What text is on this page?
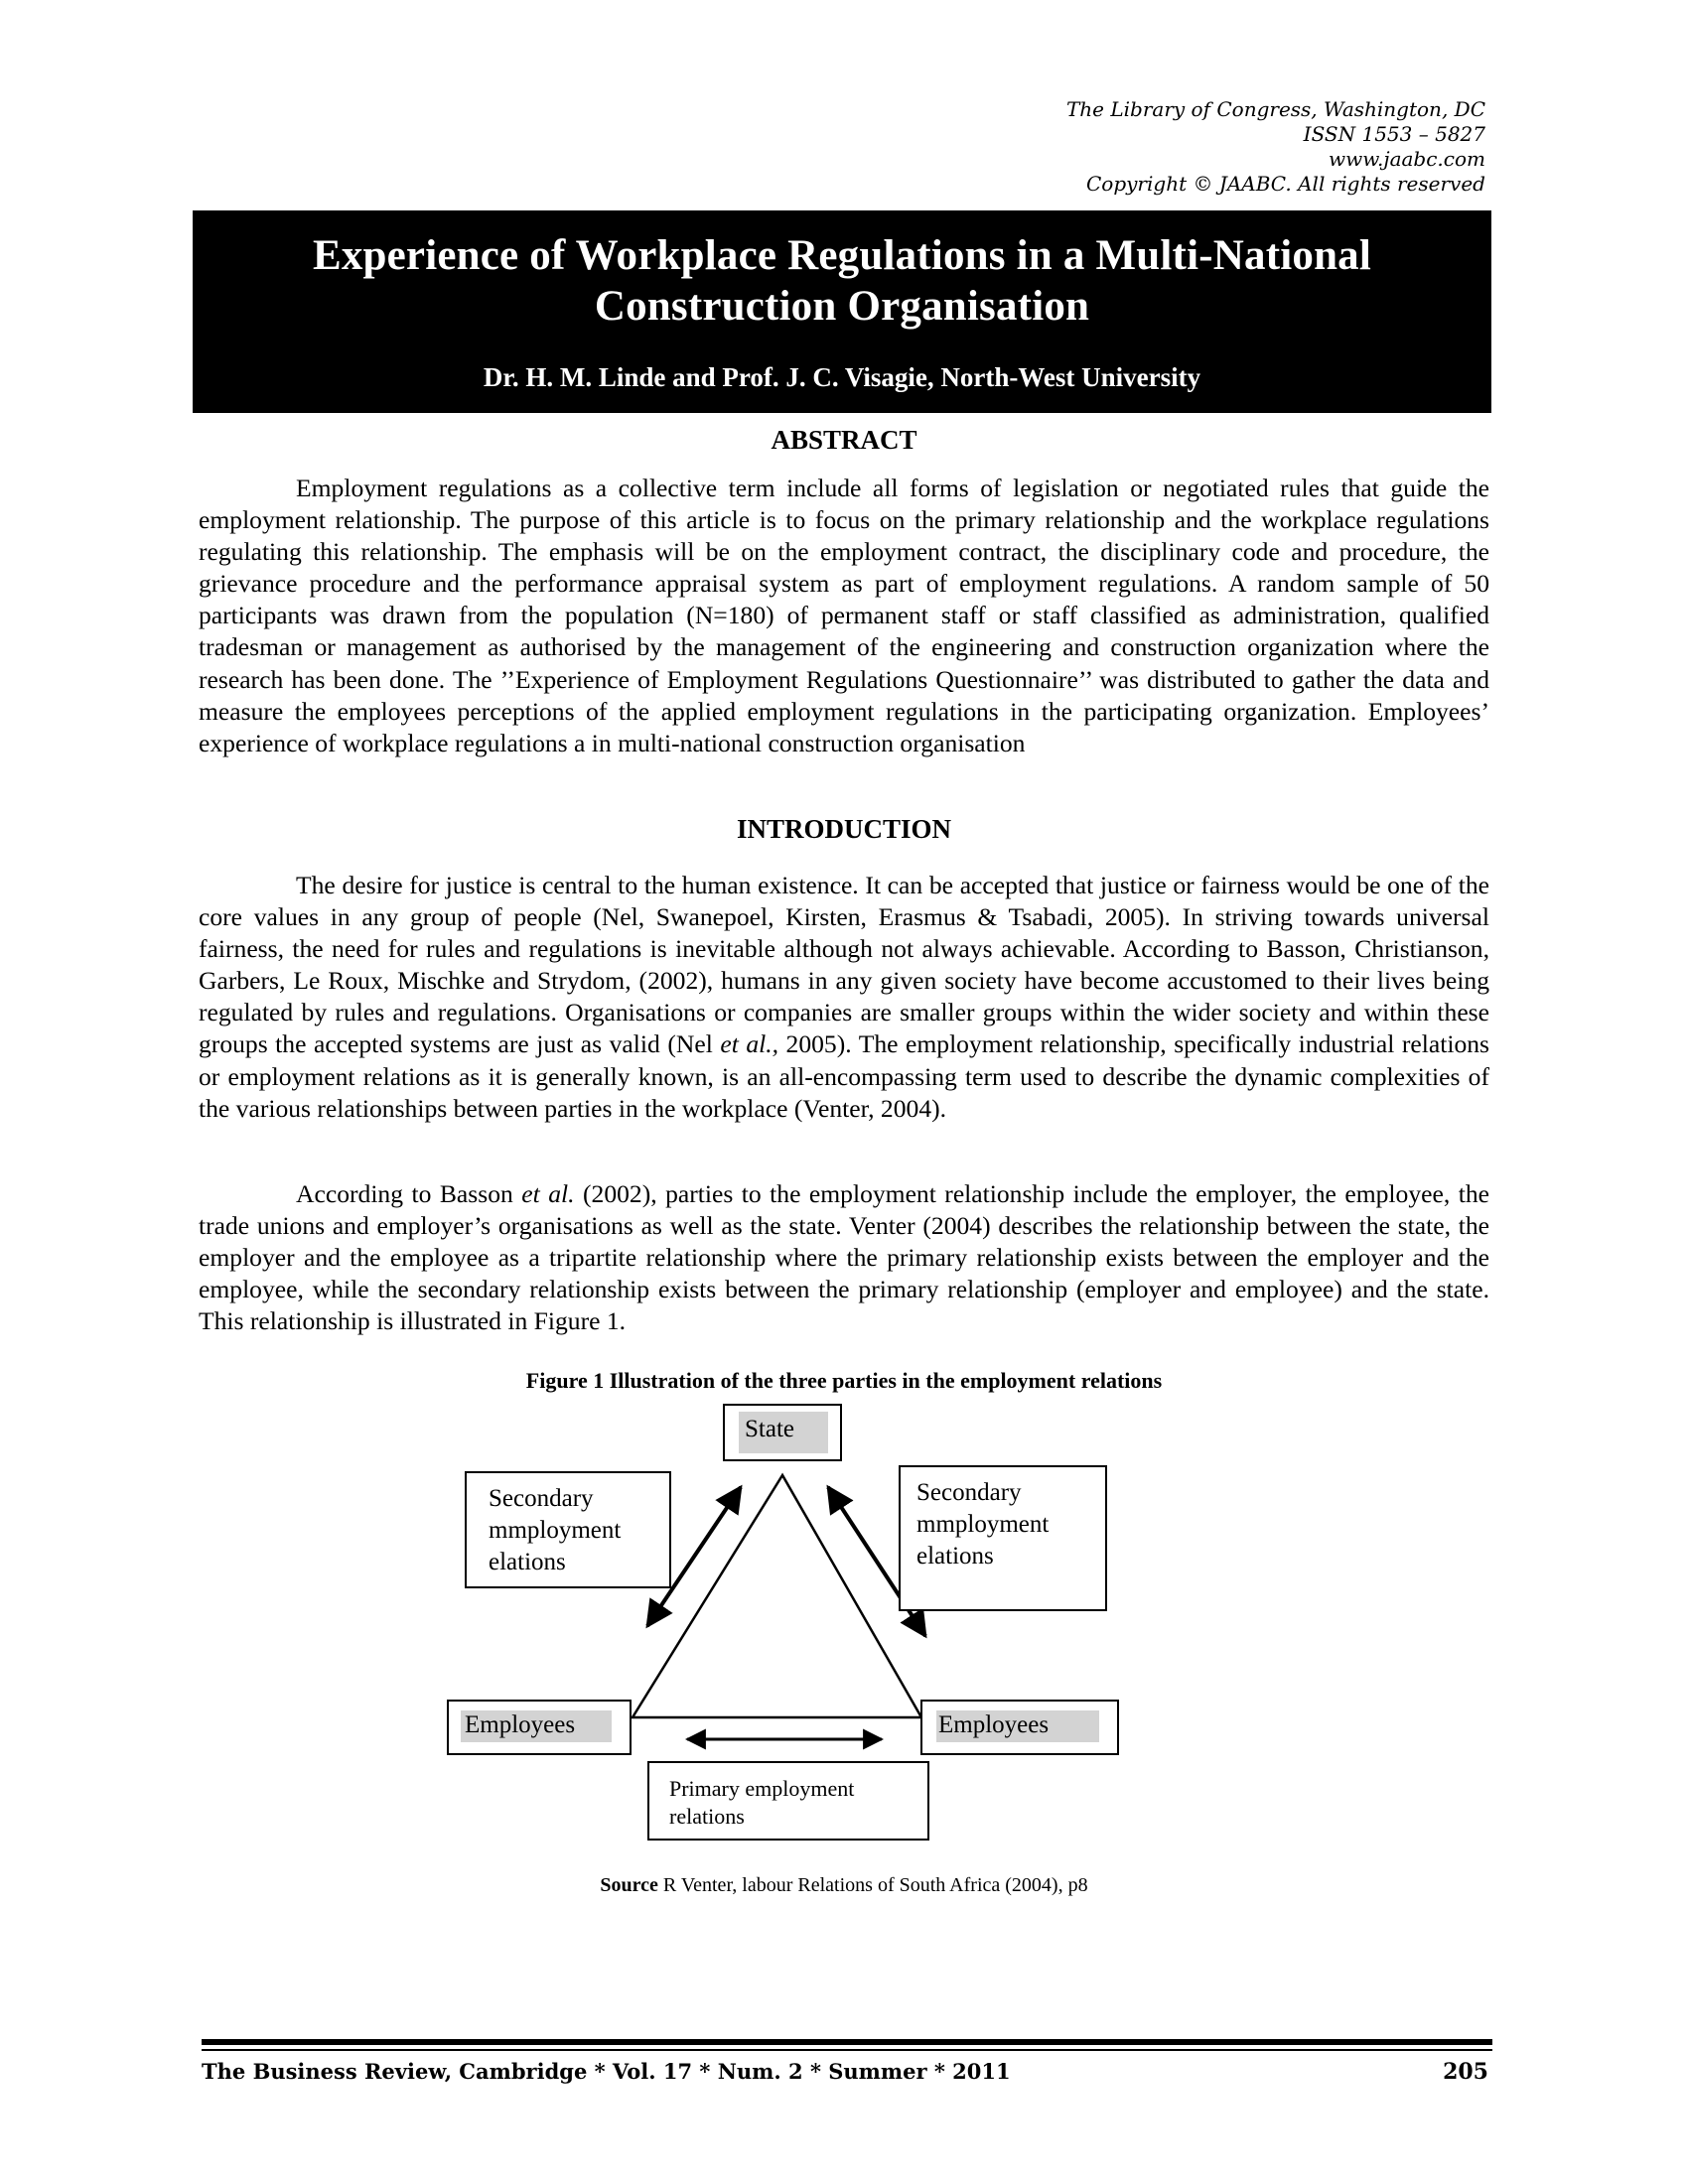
The Library of Congress, Washington, DC
ISSN 1553 – 5827
www.jaabc.com
Copyright © JAABC. All rights reserved
Experience of Workplace Regulations in a Multi-National
Construction Organisation
Dr. H. M. Linde and Prof. J. C. Visagie, North-West University
ABSTRACT
Employment regulations as a collective term include all forms of legislation or negotiated rules that guide the employment relationship. The purpose of this article is to focus on the primary relationship and the workplace regulations regulating this relationship. The emphasis will be on the employment contract, the disciplinary code and procedure, the grievance procedure and the performance appraisal system as part of employment regulations. A random sample of 50 participants was drawn from the population (N=180) of permanent staff or staff classified as administration, qualified tradesman or management as authorised by the management of the engineering and construction organization where the research has been done. The ’’Experience of Employment Regulations Questionnaire’’ was distributed to gather the data and measure the employees perceptions of the applied employment regulations in the participating organization. Employees’ experience of workplace regulations a in multi-national construction organisation
INTRODUCTION
The desire for justice is central to the human existence. It can be accepted that justice or fairness would be one of the core values in any group of people (Nel, Swanepoel, Kirsten, Erasmus & Tsabadi, 2005). In striving towards universal fairness, the need for rules and regulations is inevitable although not always achievable. According to Basson, Christianson, Garbers, Le Roux, Mischke and Strydom, (2002), humans in any given society have become accustomed to their lives being regulated by rules and regulations. Organisations or companies are smaller groups within the wider society and within these groups the accepted systems are just as valid (Nel et al., 2005). The employment relationship, specifically industrial relations or employment relations as it is generally known, is an all-encompassing term used to describe the dynamic complexities of the various relationships between parties in the workplace (Venter, 2004).
According to Basson et al. (2002), parties to the employment relationship include the employer, the employee, the trade unions and employer’s organisations as well as the state. Venter (2004) describes the relationship between the state, the employer and the employee as a tripartite relationship where the primary relationship exists between the employer and the employee, while the secondary relationship exists between the primary relationship (employer and employee) and the state. This relationship is illustrated in Figure 1.
Figure 1 Illustration of the three parties in the employment relations
State
Secondary
mmployment
elations
Secondary
mmployment
elations
Employees	Employees
Primary employment
relations
Source R Venter, labour Relations of South Africa (2004), p8
The Business Review, Cambridge * Vol. 17 * Num. 2 * Summer * 2011	205
